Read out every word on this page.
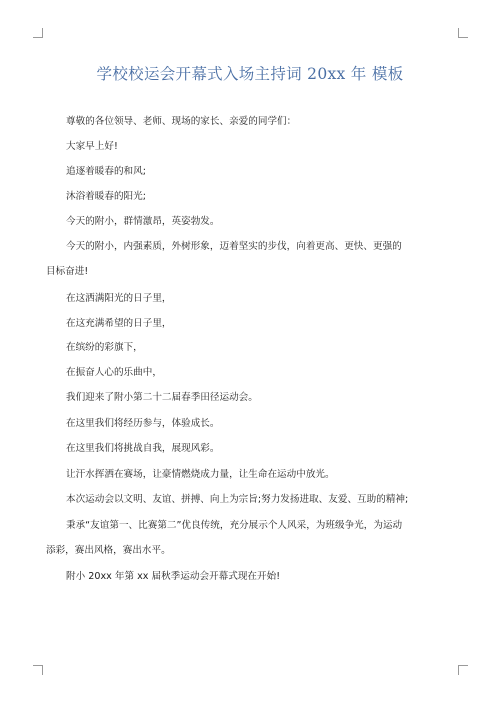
学校校运会开幕式入场主持词 20xx 年 模板
尊敬的各位领导、老师、现场的家长、亲爱的同学们：
大家早上好!
追逐着暖春的和风;
沐浴着暖春的阳光;
今天的附小，群情激昂，英姿勃发。
今天的附小，内强素质，外树形象，迈着坚实的步伐，向着更高、更快、更强的
目标奋进!
在这洒满阳光的日子里，
在这充满希望的日子里，
在缤纷的彩旗下，
在振奋人心的乐曲中，
我们迎来了附小第二十二届春季田径运动会。
在这里我们将经历参与，体验成长。
在这里我们将挑战自我，展现风彩。
让汗水挥洒在赛场，让豪情燃烧成力量，让生命在运动中放光。
本次运动会以文明、友谊、拼搏、向上为宗旨;努力发扬进取、友爱、互助的精神;
秉承“友谊第一、比赛第二”优良传统，充分展示个人风采，为班级争光，为运动
添彩，赛出风格，赛出水平。
附小 20xx 年第 xx 届秋季运动会开幕式现在开始!
